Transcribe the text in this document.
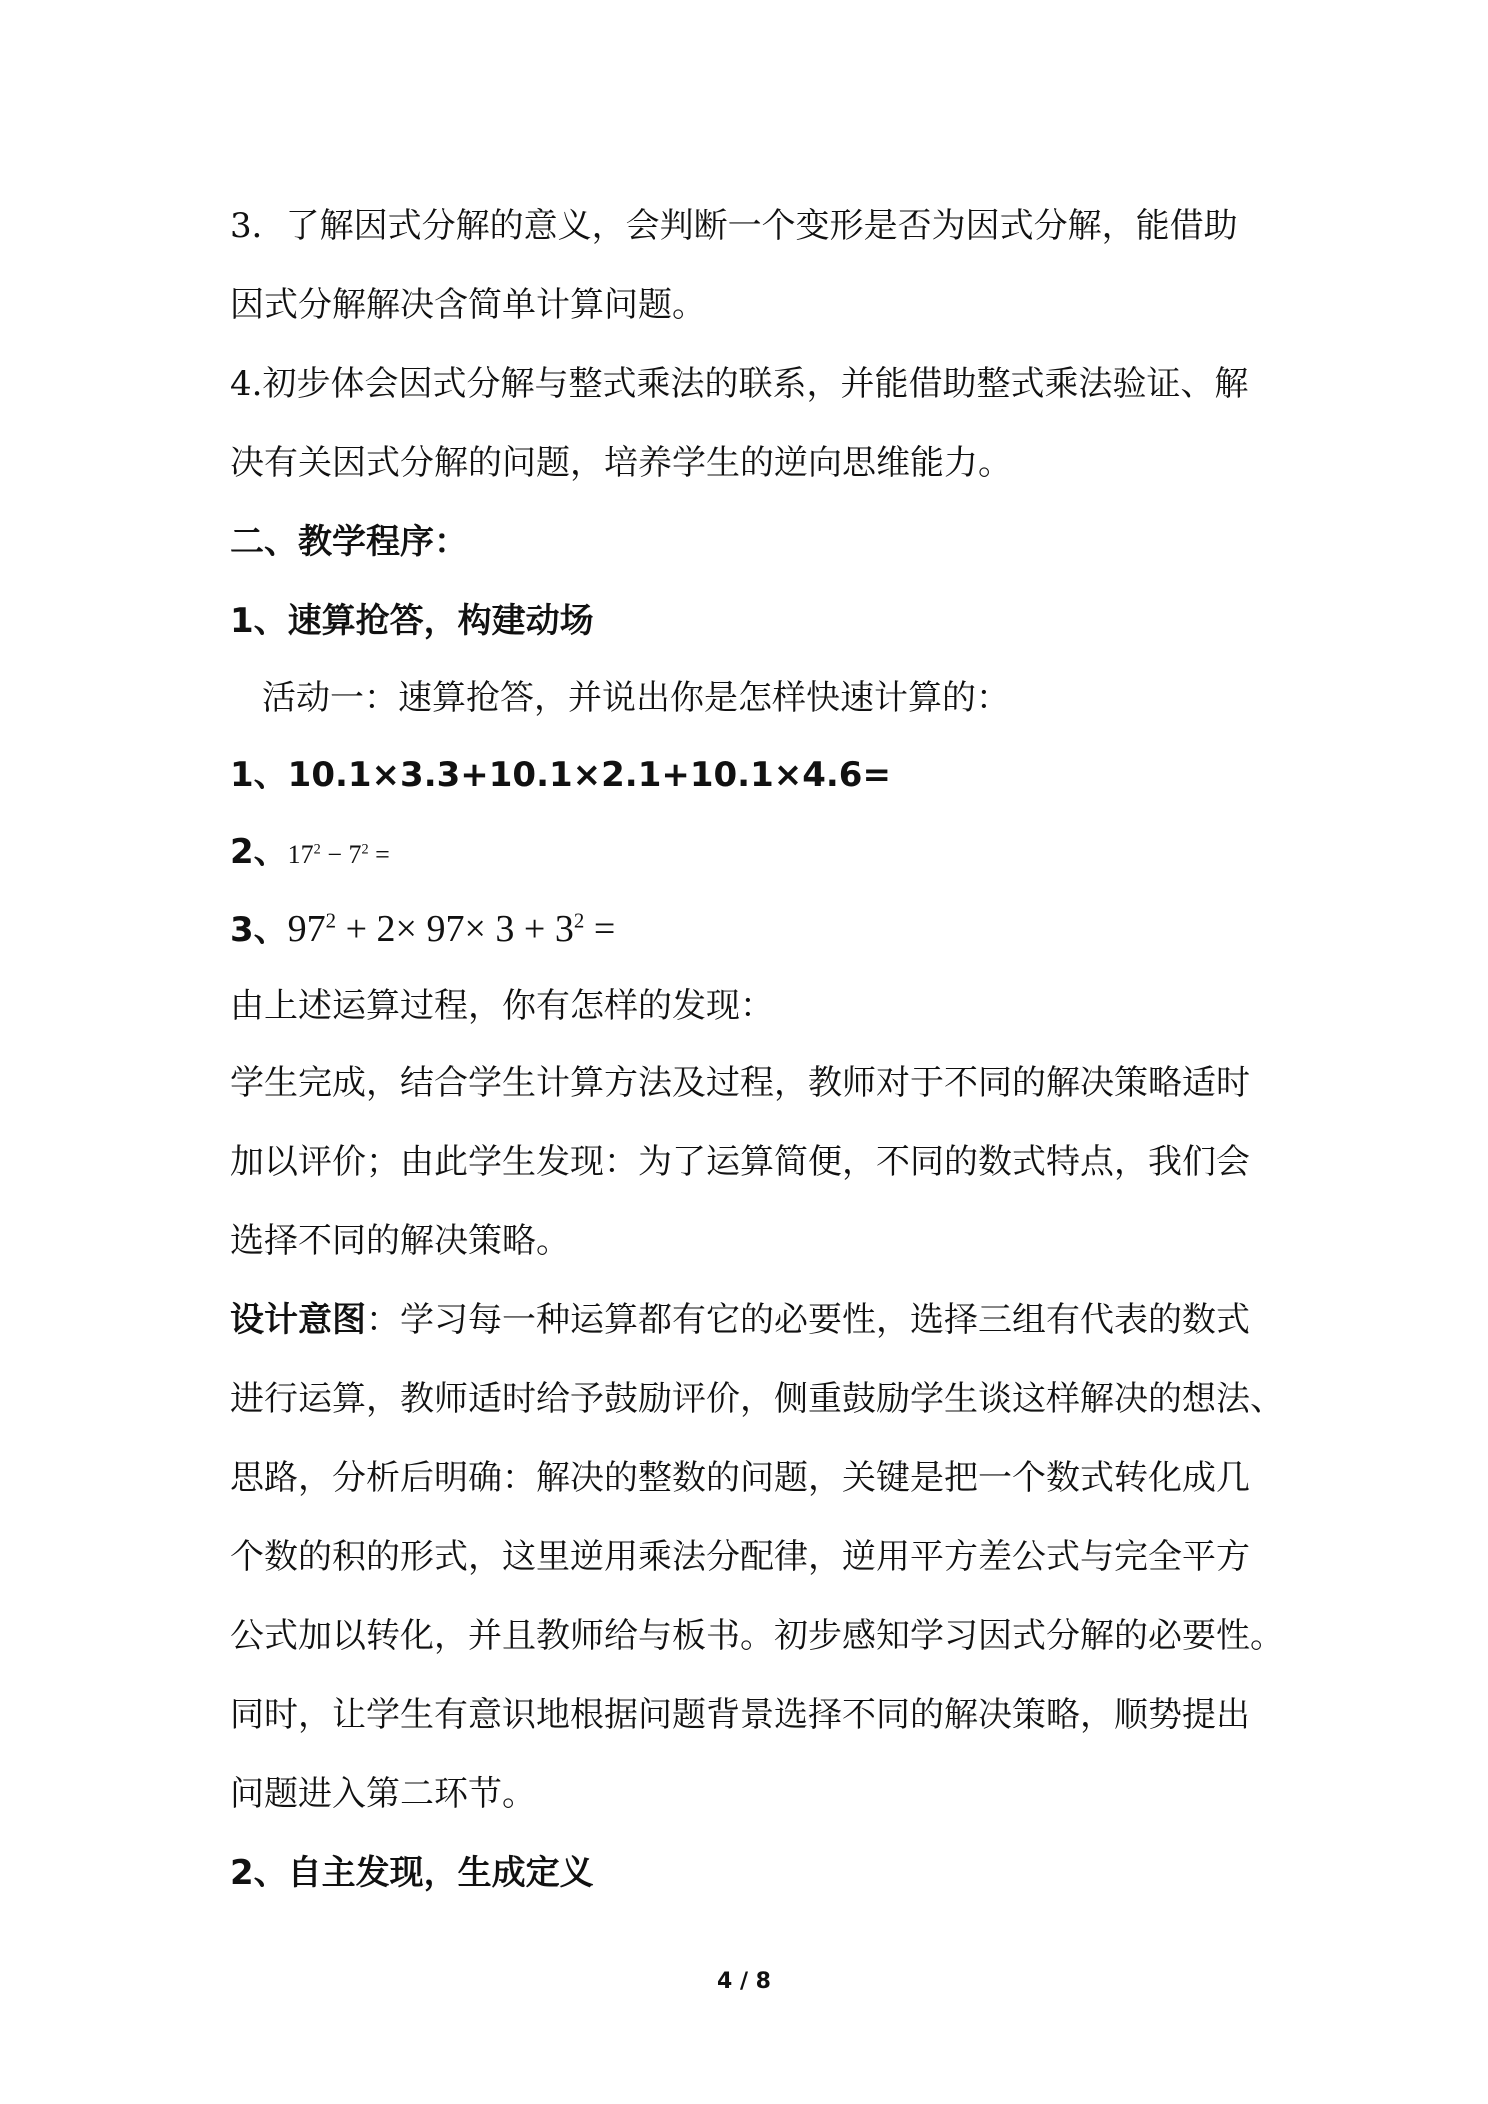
3．了解因式分解的意义，会判断一个变形是否为因式分解，能借助
因式分解解决含简单计算问题。
4.初步体会因式分解与整式乘法的联系，并能借助整式乘法验证、解
决有关因式分解的问题，培养学生的逆向思维能力。
二、教学程序：
1、速算抢答，构建动场
活动一：速算抢答，并说出你是怎样快速计算的：
1、10.1×3.3+10.1×2.1+10.1×4.6=
2、$17^2 - 7^2$ =
3、$97^2 + 2\times 97\times 3 + 3^2$ =
由上述运算过程，你有怎样的发现：
学生完成，结合学生计算方法及过程，教师对于不同的解决策略适时
加以评价；由此学生发现：为了运算简便，不同的数式特点，我们会
选择不同的解决策略。
设计意图：学习每一种运算都有它的必要性，选择三组有代表的数式
进行运算，教师适时给予鼓励评价，侧重鼓励学生谈这样解决的想法、
思路，分析后明确：解决的整数的问题，关键是把一个数式转化成几
个数的积的形式，这里逆用乘法分配律，逆用平方差公式与完全平方
公式加以转化，并且教师给与板书。初步感知学习因式分解的必要性。
同时，让学生有意识地根据问题背景选择不同的解决策略，顺势提出
问题进入第二环节。
2、自主发现，生成定义
4 / 8
